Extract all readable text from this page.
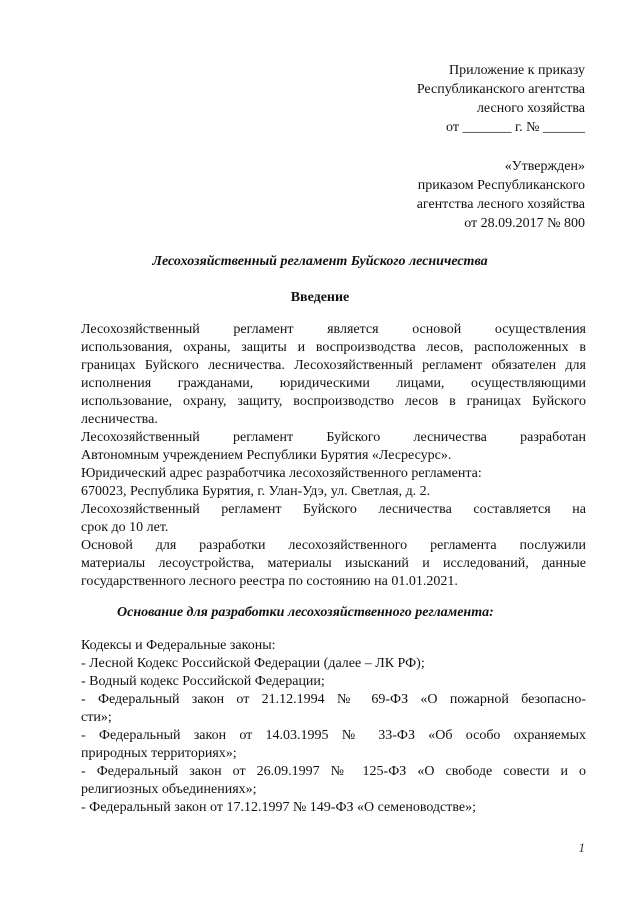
Приложение к приказу
Республиканского агентства
лесного хозяйства
от _______ г. № ______
«Утвержден»
приказом Республиканского
агентства лесного хозяйства
от 28.09.2017 № 800
Лесохозяйственный регламент Буйского лесничества
Введение
Лесохозяйственный регламент является основой осуществления
использования, охраны, защиты и воспроизводства лесов, расположенных в
границах Буйского лесничества. Лесохозяйственный регламент обязателен для
исполнения гражданами, юридическими лицами, осуществляющими
использование, охрану, защиту, воспроизводство лесов в границах Буйского
лесничества.
Лесохозяйственный регламент Буйского лесничества разработан
Автономным учреждением Республики Бурятия «Лесресурс».
Юридический адрес разработчика лесохозяйственного регламента:
670023, Республика Бурятия, г. Улан-Удэ, ул. Светлая, д. 2.
Лесохозяйственный регламент Буйского лесничества составляется на
срок до 10 лет.
Основой для разработки лесохозяйственного регламента послужили
материалы лесоустройства, материалы изысканий и исследований, данные
государственного лесного реестра по состоянию на 01.01.2021.
Основание для разработки лесохозяйственного регламента:
Кодексы и Федеральные законы:
- Лесной Кодекс Российской Федерации (далее – ЛК РФ);
- Водный кодекс Российской Федерации;
- Федеральный закон от 21.12.1994 № 69-ФЗ «О пожарной безопасно-
сти»;
- Федеральный закон от 14.03.1995 № 33-ФЗ «Об особо охраняемых
природных территориях»;
- Федеральный закон от 26.09.1997 № 125-ФЗ «О свободе совести и о
религиозных объединениях»;
- Федеральный закон от 17.12.1997 № 149-ФЗ «О семеноводстве»;
1
